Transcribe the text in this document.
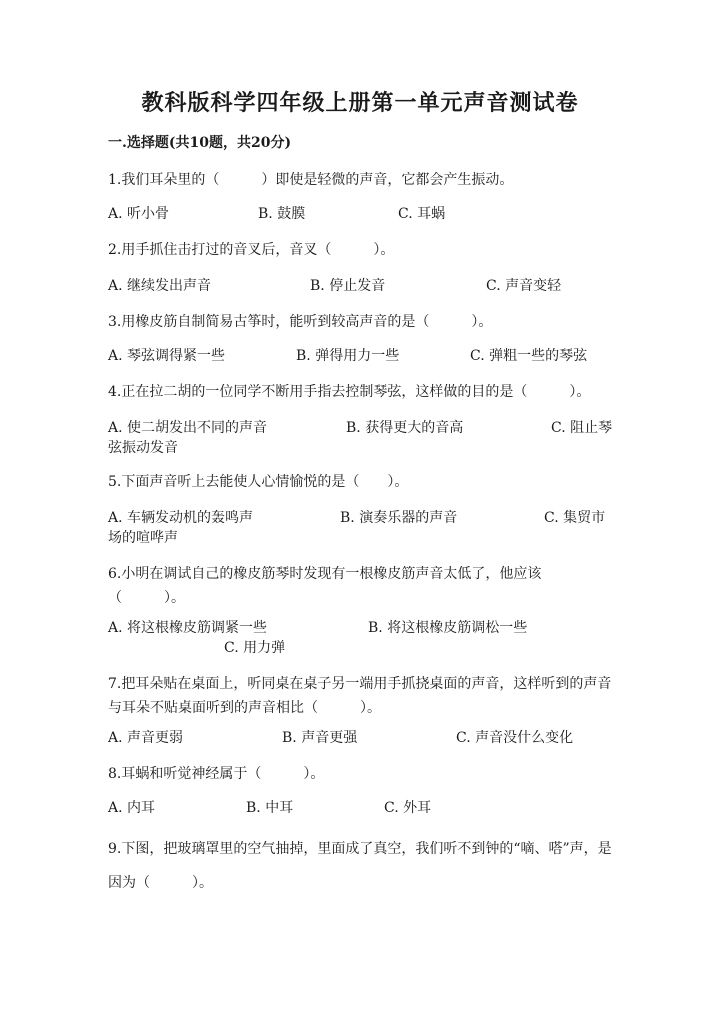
教科版科学四年级上册第一单元声音测试卷
一.选择题(共10题，共20分)
1.我们耳朵里的（　　　）即使是轻微的声音，它都会产生振动。
A. 听小骨	B. 鼓膜	C. 耳蜗
2.用手抓住击打过的音叉后，音叉（　　　）。
A. 继续发出声音	B. 停止发音	C. 声音变轻
3.用橡皮筋自制简易古筝时，能听到较高声音的是（　　　）。
A. 琴弦调得紧一些	B. 弹得用力一些	C. 弹粗一些的琴弦
4.正在拉二胡的一位同学不断用手指去控制琴弦，这样做的目的是（　　　）。
A. 使二胡发出不同的声音	B. 获得更大的音高	C. 阻止琴弦振动发音
5.下面声音听上去能使人心情愉悦的是（　　）。
A. 车辆发动机的轰鸣声	B. 演奏乐器的声音	C. 集贸市场的喧哗声
6.小明在调试自己的橡皮筋琴时发现有一根橡皮筋声音太低了，他应该（　　　）。
A. 将这根橡皮筋调紧一些	B. 将这根橡皮筋调松一些
C. 用力弹
7.把耳朵贴在桌面上，听同桌在桌子另一端用手抓挠桌面的声音，这样听到的声音与耳朵不贴桌面听到的声音相比（　　　）。
A. 声音更弱	B. 声音更强	C. 声音没什么变化
8.耳蜗和听觉神经属于（　　　）。
A. 内耳	B. 中耳	C. 外耳
9.下图，把玻璃罩里的空气抽掉，里面成了真空，我们听不到钟的“嘀、嗒”声，是因为（　　　）。
